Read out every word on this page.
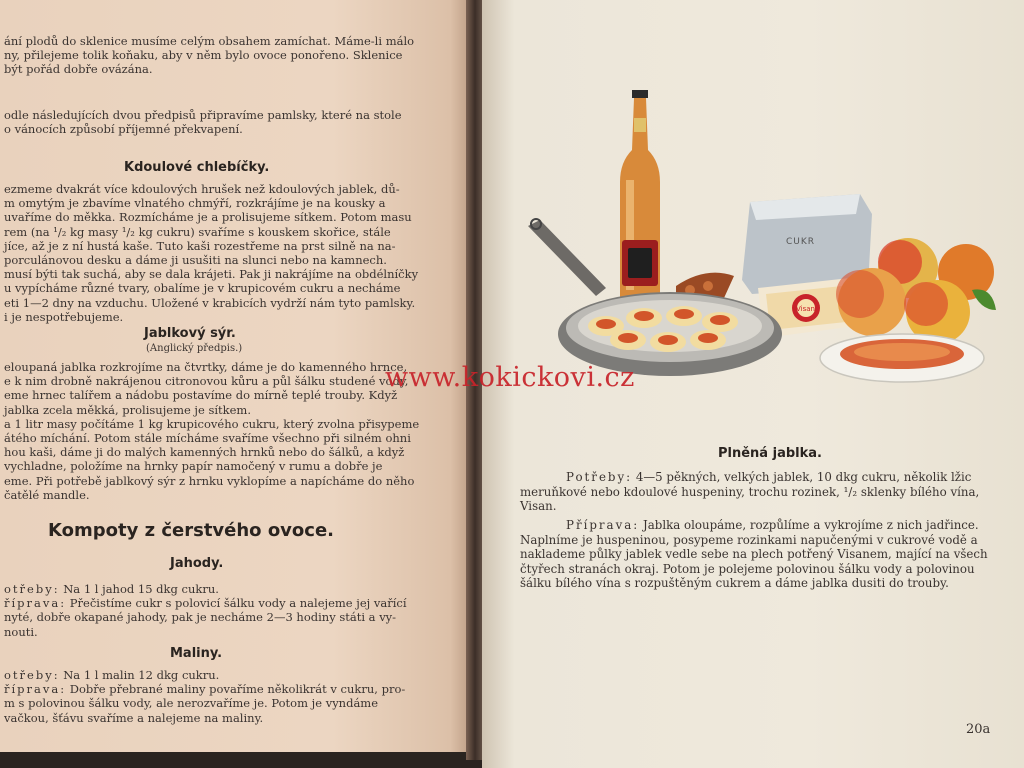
ání plodů do sklenice musíme celým obsahem zamíchat. Máme-li málo
ny, přilejeme tolik koňaku, aby v něm bylo ovoce ponořeno. Sklenice
být pořád dobře ovázána.
odle následujících dvou předpisů připravíme pamlsky, které na stole
o vánocích způsobí příjemné překvapení.
Kdoulové chlebíčky.
ezmeme dvakrát více kdoulových hrušek než kdoulových jablek, dů-
m omytým je zbavíme vlnatého chmýří, rozkrájíme je na kousky a
uvaříme do měkka. Rozmícháme je a prolisujeme sítkem. Potom masu
rem (na ¹/₂ kg masy ¹/₂ kg cukru) svaříme s kouskem skořice, stále
jíce, až je z ní hustá kaše. Tuto kaši rozestřeme na prst silně na na-
porculánovou desku a dáme ji usušiti na slunci nebo na kamnech.
musí býti tak suchá, aby se dala krájeti. Pak ji nakrájíme na obdélníčky
u vypícháme různé tvary, obalíme je v krupicovém cukru a necháme
eti 1—2 dny na vzduchu. Uložené v krabicích vydrží nám tyto pamlsky.
i je nespotřebujeme.
Jablkový sýr.
(Anglický předpis.)
eloupaná jablka rozkrojíme na čtvrtky, dáme je do kamenného hrnce,
e k nim drobně nakrájenou citronovou kůru a půl šálku studené vody,
eme hrnec talířem a nádobu postavíme do mírně teplé trouby. Když
jablka zcela měkká, prolisujeme je sítkem.
a 1 litr masy počítáme 1 kg krupicového cukru, který zvolna přisypeme
átého míchání. Potom stále mícháme svaříme všechno při silném ohni
hou kaši, dáme ji do malých kamenných hrnků nebo do šálků, a když
vychladne, položíme na hrnky papír namočený v rumu a dobře je
eme. Při potřebě jablkový sýr z hrnku vyklopíme a napícháme do něho
čatělé mandle.
Kompoty z čerstvého ovoce.
Jahody.
otřeby: Na 1 l jahod 15 dkg cukru.
říprava: Přečistíme cukr s polovicí šálku vody a nalejeme jej vařící
nyté, dobře okapané jahody, pak je necháme 2—3 hodiny státi a vy-
nouti.
Maliny.
otřeby: Na 1 l malin 12 dkg cukru.
říprava: Dobře přebrané maliny povaříme několikrát v cukru, pro-
m s polovinou šálku vody, ale nerozvaříme je. Potom je vyndáme
vačkou, šťávu svaříme a nalejeme na maliny.
CUKR
Visan
Plněná jablka.
Potřeby: 4—5 pěkných, velkých jablek, 10 dkg cukru, několik lžic
meruňkové nebo kdoulové huspeniny, trochu rozinek, ¹/₂ sklenky bílého vína,
Visan.
Příprava: Jablka oloupáme, rozpůlíme a vykrojíme z nich jadřince.
Naplníme je huspeninou, posypeme rozinkami napučenými v cukrové vodě a
naklademe půlky jablek vedle sebe na plech potřený Visanem, mající na všech
čtyřech stranách okraj. Potom je polejeme polovinou šálku vody a polovinou
šálku bílého vína s rozpuštěným cukrem a dáme jablka dusiti do trouby.
20a
www.kokickovi.cz
